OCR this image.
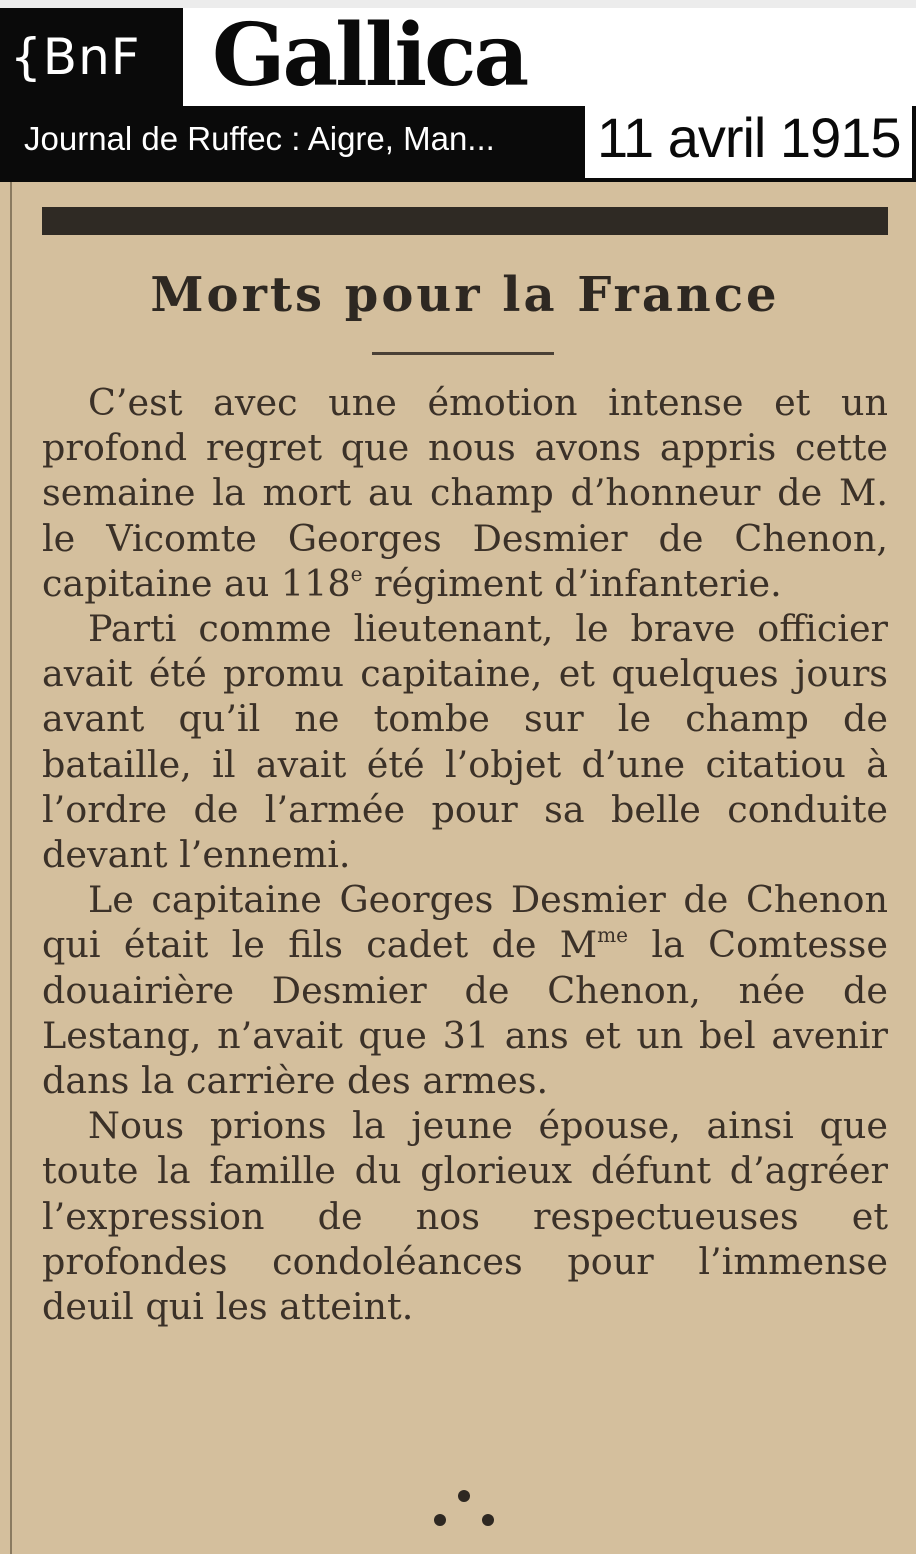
{BnF Gallica
Journal de Ruffec : Aigre, Man...	11 avril 1915
Morts pour la France

C’est avec une émotion intense et un profond regret que nous avons appris cette semaine la mort au champ d’honneur de M. le Vicomte Georges Desmier de Chenon, capitaine au 118e régiment d’infanterie.

Parti comme lieutenant, le brave officier avait été promu capitaine, et quelques jours avant qu’il ne tombe sur le champ de bataille, il avait été l’objet d’une citatiou à l’ordre de l’armée pour sa belle conduite devant l’ennemi.

Le capitaine Georges Desmier de Chenon qui était le fils cadet de $M^{me}$ la Comtesse douairière Desmier de Chenon, née de Lestang, n’avait que 31 ans et un bel avenir dans la carrière des armes.

Nous prions la jeune épouse, ainsi que toute la famille du glorieux défunt d’agréer l’expression de nos respectueuses et profondes condoléances pour l’immense deuil qui les atteint.
